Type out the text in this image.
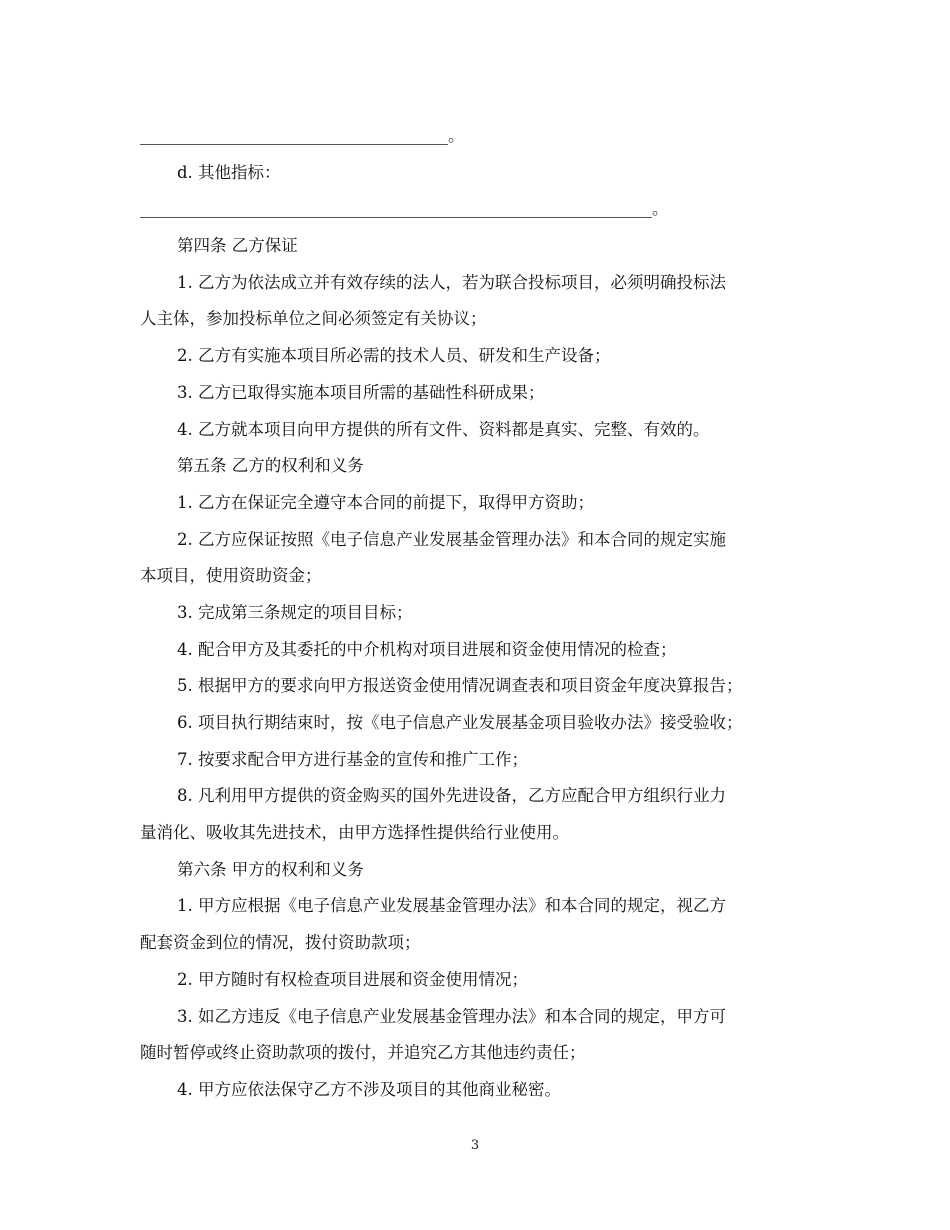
。
d. 其他指标：
。
第四条 乙方保证
1. 乙方为依法成立并有效存续的法人，若为联合投标项目，必须明确投标法
人主体，参加投标单位之间必须签定有关协议；
2. 乙方有实施本项目所必需的技术人员、研发和生产设备；
3. 乙方已取得实施本项目所需的基础性科研成果；
4. 乙方就本项目向甲方提供的所有文件、资料都是真实、完整、有效的。
第五条 乙方的权利和义务
1. 乙方在保证完全遵守本合同的前提下，取得甲方资助；
2. 乙方应保证按照《电子信息产业发展基金管理办法》和本合同的规定实施
本项目，使用资助资金；
3. 完成第三条规定的项目目标；
4. 配合甲方及其委托的中介机构对项目进展和资金使用情况的检查；
5. 根据甲方的要求向甲方报送资金使用情况调查表和项目资金年度决算报告；
6. 项目执行期结束时，按《电子信息产业发展基金项目验收办法》接受验收；
7. 按要求配合甲方进行基金的宣传和推广工作；
8. 凡利用甲方提供的资金购买的国外先进设备，乙方应配合甲方组织行业力
量消化、吸收其先进技术，由甲方选择性提供给行业使用。
第六条 甲方的权利和义务
1. 甲方应根据《电子信息产业发展基金管理办法》和本合同的规定，视乙方
配套资金到位的情况，拨付资助款项；
2. 甲方随时有权检查项目进展和资金使用情况；
3. 如乙方违反《电子信息产业发展基金管理办法》和本合同的规定，甲方可
随时暂停或终止资助款项的拨付，并追究乙方其他违约责任；
4. 甲方应依法保守乙方不涉及项目的其他商业秘密。
3
